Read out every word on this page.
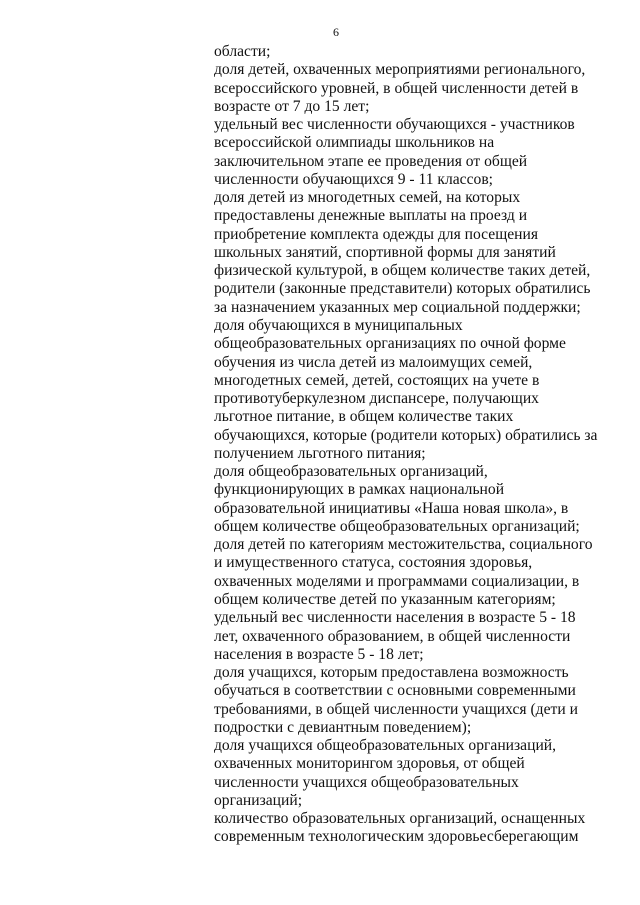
6
области;
доля детей, охваченных мероприятиями регионального,
всероссийского уровней, в общей численности детей в
возрасте от 7 до 15 лет;
удельный вес численности обучающихся - участников
всероссийской олимпиады школьников на
заключительном этапе ее проведения от общей
численности обучающихся 9 - 11 классов;
доля детей из многодетных семей, на которых
предоставлены денежные выплаты на проезд и
приобретение комплекта одежды для посещения
школьных занятий, спортивной формы для занятий
физической культурой, в общем количестве таких детей,
родители (законные представители) которых обратились
за назначением указанных мер социальной поддержки;
доля обучающихся в муниципальных
общеобразовательных организациях по очной форме
обучения из числа детей из малоимущих семей,
многодетных семей, детей, состоящих на учете в
противотуберкулезном диспансере, получающих
льготное питание, в общем количестве таких
обучающихся, которые (родители которых) обратились за
получением льготного питания;
доля общеобразовательных организаций,
функционирующих в рамках национальной
образовательной инициативы «Наша новая школа», в
общем количестве общеобразовательных организаций;
доля детей по категориям местожительства, социального
и имущественного статуса, состояния здоровья,
охваченных моделями и программами социализации, в
общем количестве детей по указанным категориям;
удельный вес численности населения в возрасте 5 - 18
лет, охваченного образованием, в общей численности
населения в возрасте 5 - 18 лет;
доля учащихся, которым предоставлена возможность
обучаться в соответствии с основными современными
требованиями, в общей численности учащихся (дети и
подростки с девиантным поведением);
доля учащихся общеобразовательных организаций,
охваченных мониторингом здоровья, от общей
численности учащихся общеобразовательных
организаций;
количество образовательных организаций, оснащенных
современным технологическим здоровьесберегающим
